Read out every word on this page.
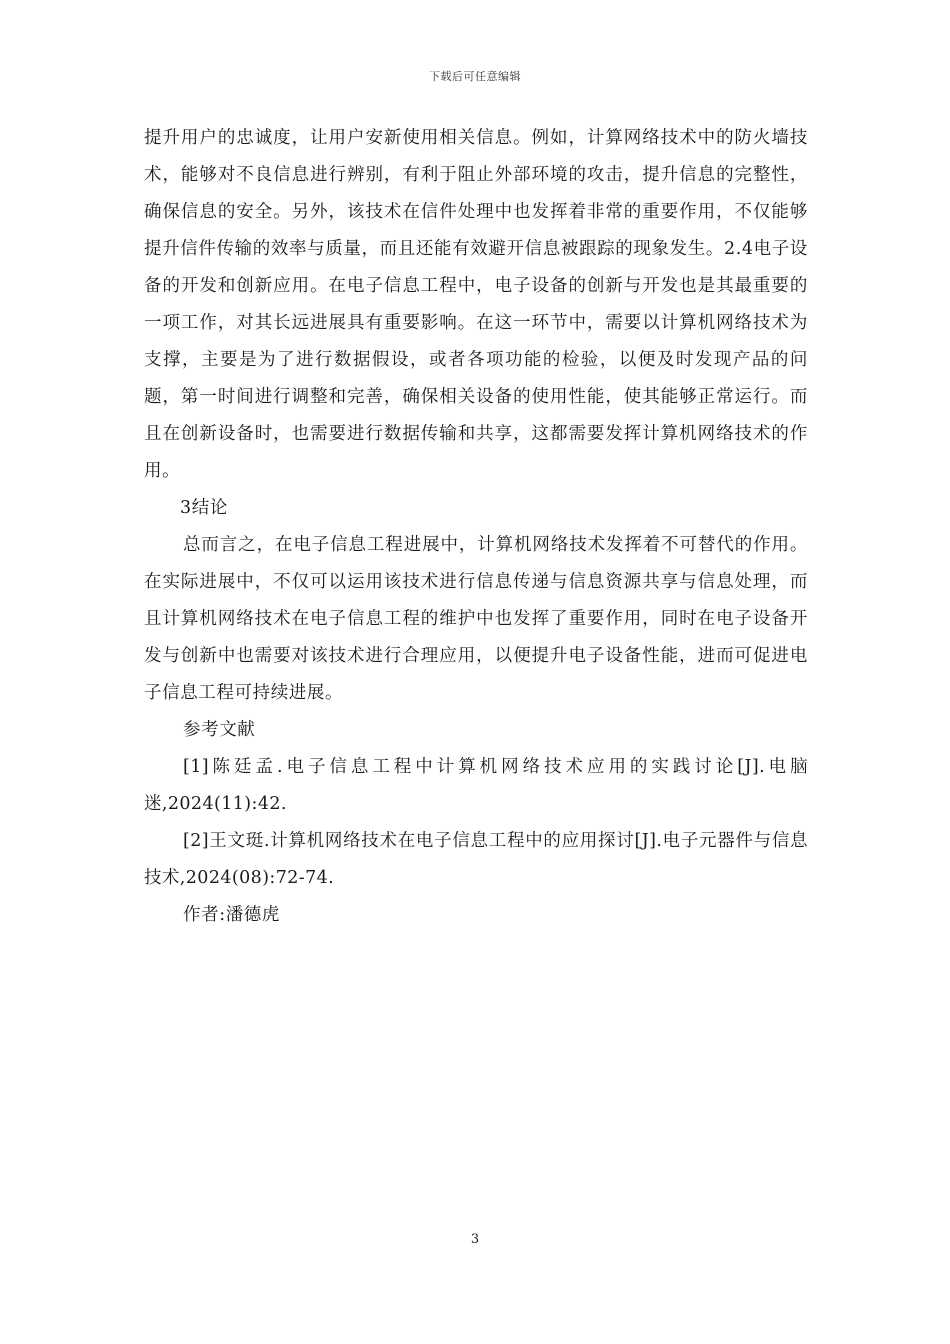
下载后可任意编辑

提升用户的忠诚度，让用户安新使用相关信息。例如，计算网络技术中的防火墙技术，能够对不良信息进行辨别，有利于阻止外部环境的攻击，提升信息的完整性，确保信息的安全。另外，该技术在信件处理中也发挥着非常的重要作用，不仅能够提升信件传输的效率与质量，而且还能有效避开信息被跟踪的现象发生。2.4电子设备的开发和创新应用。在电子信息工程中，电子设备的创新与开发也是其最重要的一项工作，对其长远进展具有重要影响。在这一环节中，需要以计算机网络技术为支撑，主要是为了进行数据假设，或者各项功能的检验，以便及时发现产品的问题，第一时间进行调整和完善，确保相关设备的使用性能，使其能够正常运行。而且在创新设备时，也需要进行数据传输和共享，这都需要发挥计算机网络技术的作用。

3结论

总而言之，在电子信息工程进展中，计算机网络技术发挥着不可替代的作用。在实际进展中，不仅可以运用该技术进行信息传递与信息资源共享与信息处理，而且计算机网络技术在电子信息工程的维护中也发挥了重要作用，同时在电子设备开发与创新中也需要对该技术进行合理应用，以便提升电子设备性能，进而可促进电子信息工程可持续进展。

参考文献

[1]陈廷孟.电子信息工程中计算机网络技术应用的实践讨论[J].电脑迷,2024(11):42.

[2]王文珽.计算机网络技术在电子信息工程中的应用探讨[J].电子元器件与信息技术,2024(08):72-74.

作者:潘德虎

3
